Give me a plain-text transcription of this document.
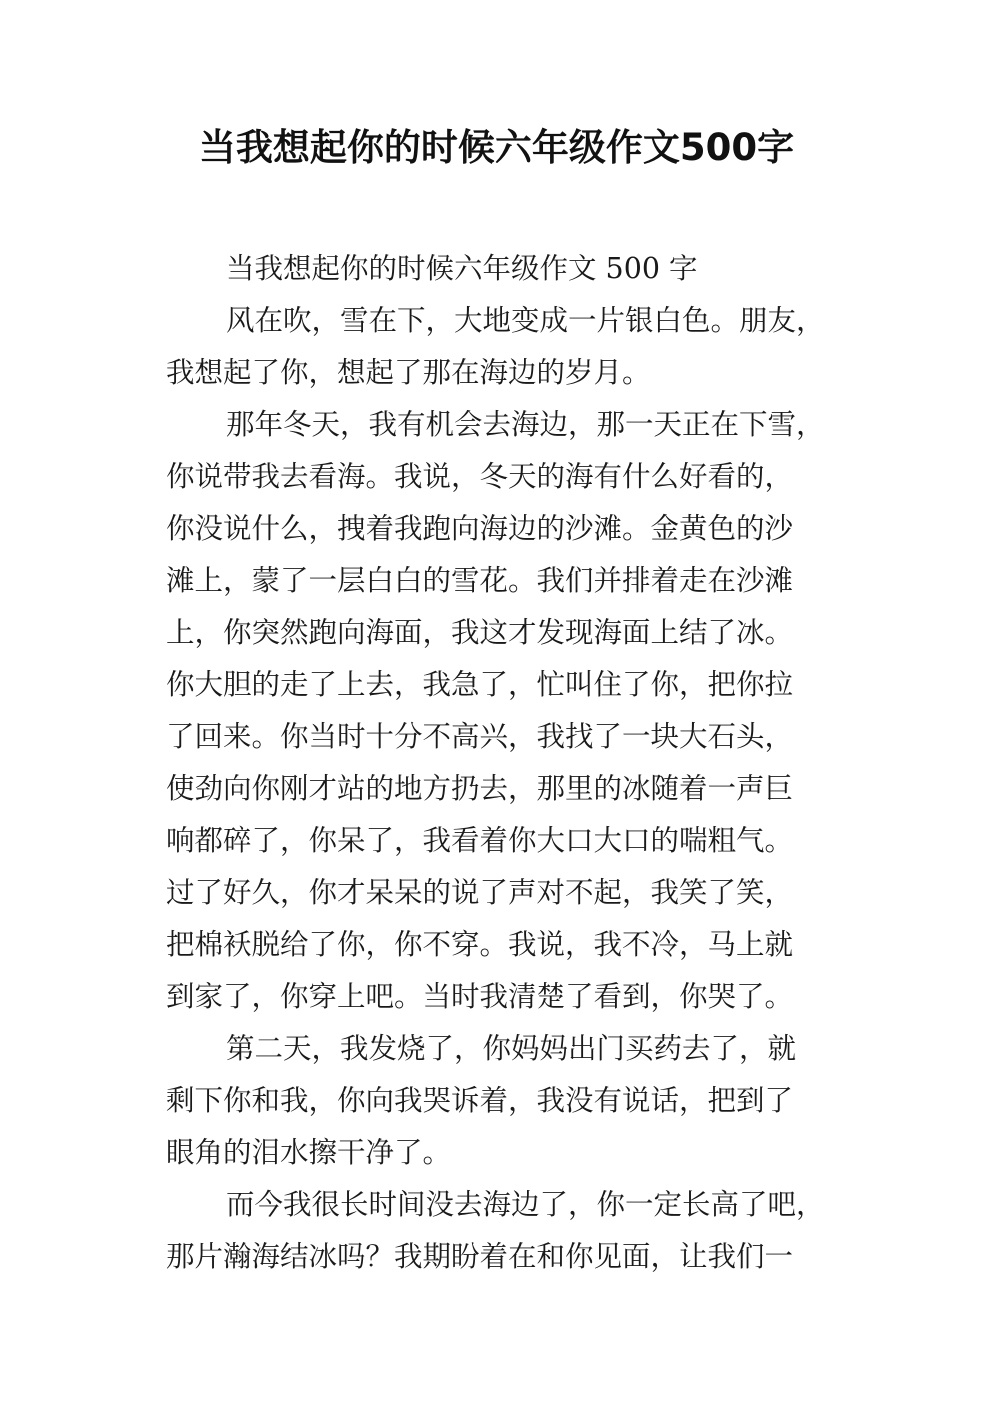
当我想起你的时候六年级作文500字
当我想起你的时候六年级作文 500 字
风在吹，雪在下，大地变成一片银白色。朋友，
我想起了你，想起了那在海边的岁月。
那年冬天，我有机会去海边，那一天正在下雪，
你说带我去看海。我说，冬天的海有什么好看的，
你没说什么，拽着我跑向海边的沙滩。金黄色的沙
滩上，蒙了一层白白的雪花。我们并排着走在沙滩
上，你突然跑向海面，我这才发现海面上结了冰。
你大胆的走了上去，我急了，忙叫住了你，把你拉
了回来。你当时十分不高兴，我找了一块大石头，
使劲向你刚才站的地方扔去，那里的冰随着一声巨
响都碎了，你呆了，我看着你大口大口的喘粗气。
过了好久，你才呆呆的说了声对不起，我笑了笑，
把棉袄脱给了你，你不穿。我说，我不冷，马上就
到家了，你穿上吧。当时我清楚了看到，你哭了。
第二天，我发烧了，你妈妈出门买药去了，就
剩下你和我，你向我哭诉着，我没有说话，把到了
眼角的泪水擦干净了。
而今我很长时间没去海边了，你一定长高了吧，
那片瀚海结冰吗？我期盼着在和你见面，让我们一
